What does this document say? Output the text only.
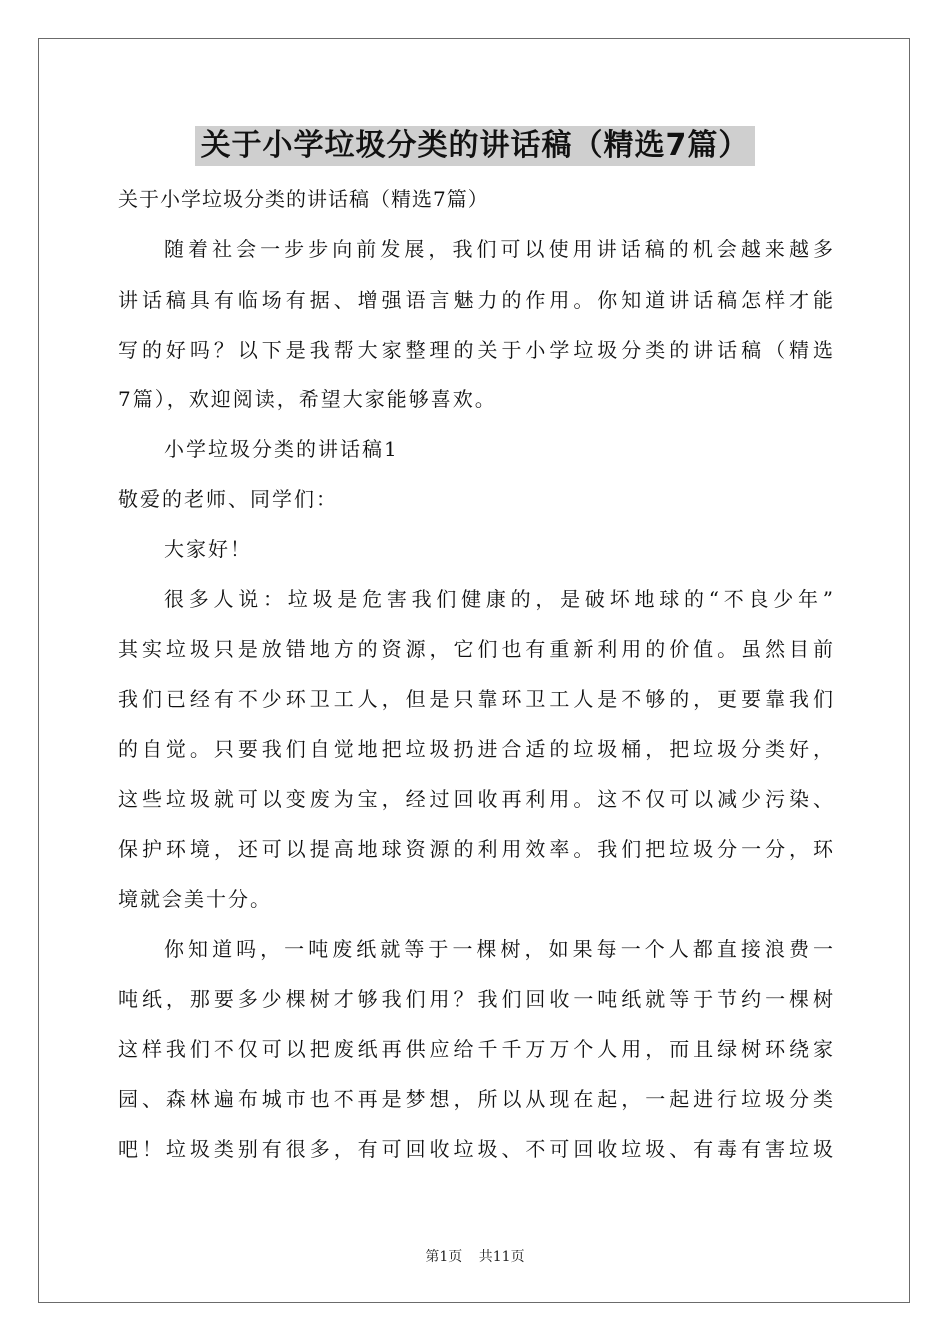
关于小学垃圾分类的讲话稿（精选7篇）
关于小学垃圾分类的讲话稿（精选7篇）
随着社会一步步向前发展，我们可以使用讲话稿的机会越来越多
讲话稿具有临场有据、增强语言魅力的作用。你知道讲话稿怎样才能
写的好吗？以下是我帮大家整理的关于小学垃圾分类的讲话稿（精选
7篇），欢迎阅读，希望大家能够喜欢。
小学垃圾分类的讲话稿1
敬爱的老师、同学们：
大家好！
很多人说：垃圾是危害我们健康的，是破坏地球的“不良少年”
其实垃圾只是放错地方的资源，它们也有重新利用的价值。虽然目前
我们已经有不少环卫工人，但是只靠环卫工人是不够的，更要靠我们
的自觉。只要我们自觉地把垃圾扔进合适的垃圾桶，把垃圾分类好，
这些垃圾就可以变废为宝，经过回收再利用。这不仅可以减少污染、
保护环境，还可以提高地球资源的利用效率。我们把垃圾分一分，环
境就会美十分。
你知道吗，一吨废纸就等于一棵树，如果每一个人都直接浪费一
吨纸，那要多少棵树才够我们用？我们回收一吨纸就等于节约一棵树
这样我们不仅可以把废纸再供应给千千万万个人用，而且绿树环绕家
园、森林遍布城市也不再是梦想，所以从现在起，一起进行垃圾分类
吧！垃圾类别有很多，有可回收垃圾、不可回收垃圾、有毒有害垃圾
第1页 共11页
